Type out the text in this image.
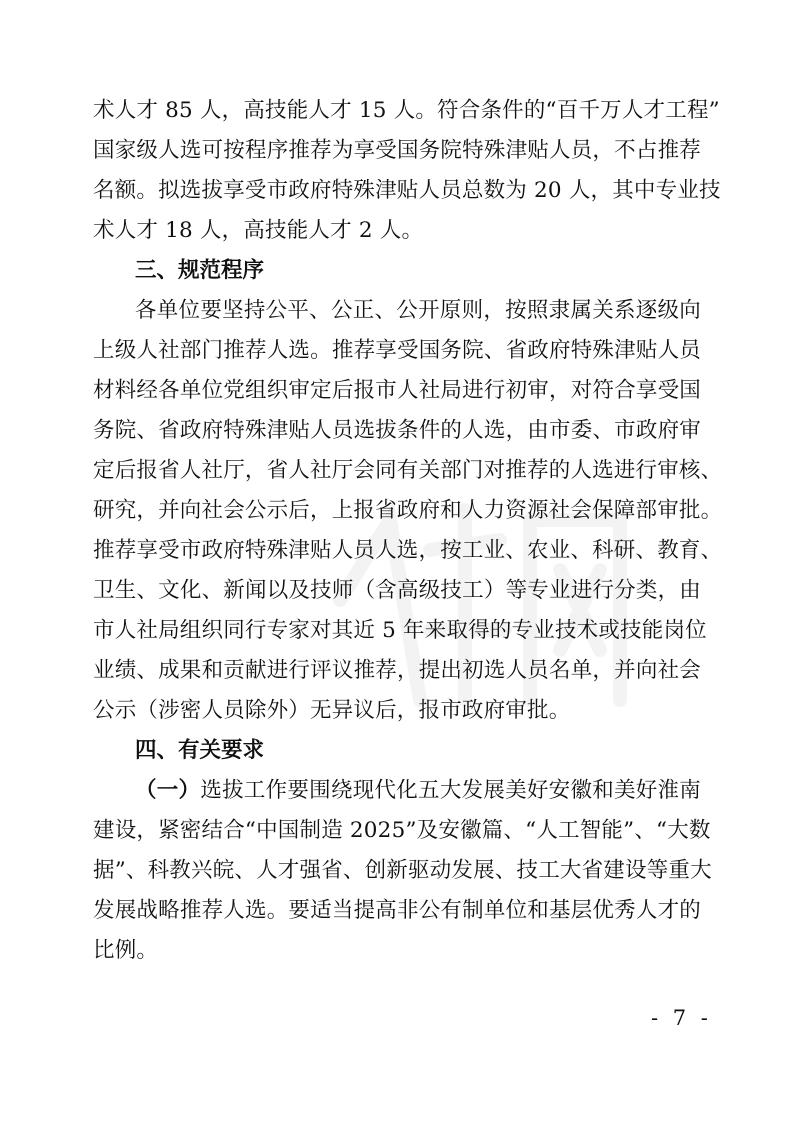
术人才 85 人，高技能人才 15 人。符合条件的“百千万人才工程”
国家级人选可按程序推荐为享受国务院特殊津贴人员，不占推荐
名额。拟选拔享受市政府特殊津贴人员总数为 20 人，其中专业技
术人才 18 人，高技能人才 2 人。
三、规范程序
各单位要坚持公平、公正、公开原则，按照隶属关系逐级向
上级人社部门推荐人选。推荐享受国务院、省政府特殊津贴人员
材料经各单位党组织审定后报市人社局进行初审，对符合享受国
务院、省政府特殊津贴人员选拔条件的人选，由市委、市政府审
定后报省人社厅，省人社厅会同有关部门对推荐的人选进行审核、
研究，并向社会公示后，上报省政府和人力资源社会保障部审批。
推荐享受市政府特殊津贴人员人选，按工业、农业、科研、教育、
卫生、文化、新闻以及技师（含高级技工）等专业进行分类，由
市人社局组织同行专家对其近 5 年来取得的专业技术或技能岗位
业绩、成果和贡献进行评议推荐，提出初选人员名单，并向社会
公示（涉密人员除外）无异议后，报市政府审批。
四、有关要求
（一）选拔工作要围绕现代化五大发展美好安徽和美好淮南
建设，紧密结合“中国制造 2025”及安徽篇、“人工智能”、“大数
据”、科教兴皖、人才强省、创新驱动发展、技工大省建设等重大
发展战略推荐人选。要适当提高非公有制单位和基层优秀人才的
比例。
- 7 -
